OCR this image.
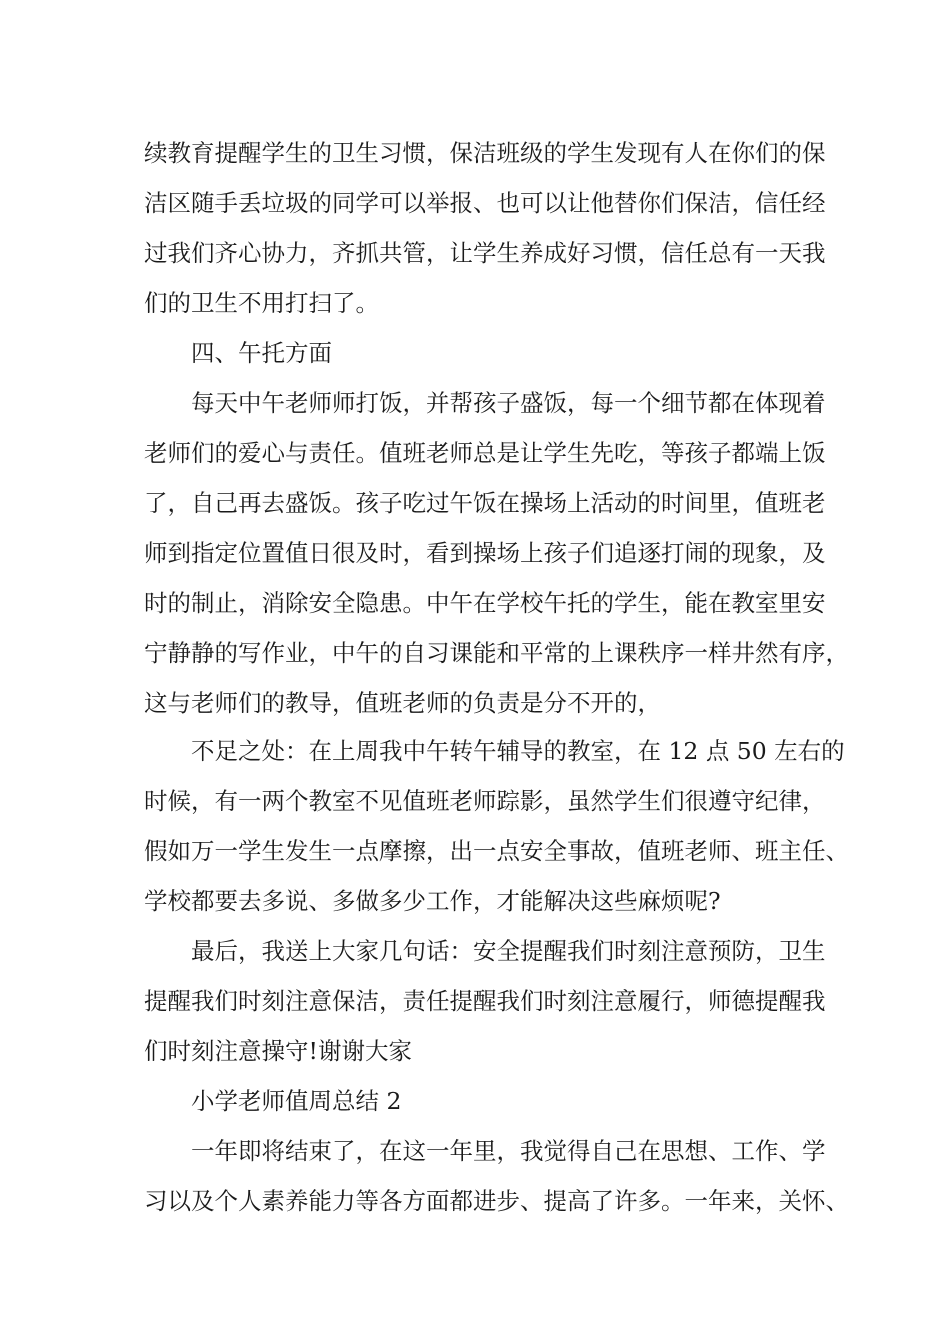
续教育提醒学生的卫生习惯，保洁班级的学生发现有人在你们的保
洁区随手丢垃圾的同学可以举报、也可以让他替你们保洁，信任经
过我们齐心协力，齐抓共管，让学生养成好习惯，信任总有一天我
们的卫生不用打扫了。
四、午托方面
每天中午老师师打饭，并帮孩子盛饭，每一个细节都在体现着
老师们的爱心与责任。值班老师总是让学生先吃，等孩子都端上饭
了，自己再去盛饭。孩子吃过午饭在操场上活动的时间里，值班老
师到指定位置值日很及时，看到操场上孩子们追逐打闹的现象，及
时的制止，消除安全隐患。中午在学校午托的学生，能在教室里安
宁静静的写作业，中午的自习课能和平常的上课秩序一样井然有序，
这与老师们的教导，值班老师的负责是分不开的，
不足之处：在上周我中午转午辅导的教室，在 12 点 50 左右的
时候，有一两个教室不见值班老师踪影，虽然学生们很遵守纪律，
假如万一学生发生一点摩擦，出一点安全事故，值班老师、班主任、
学校都要去多说、多做多少工作，才能解决这些麻烦呢?
最后，我送上大家几句话：安全提醒我们时刻注意预防，卫生
提醒我们时刻注意保洁，责任提醒我们时刻注意履行，师德提醒我
们时刻注意操守!谢谢大家
小学老师值周总结 2
一年即将结束了，在这一年里，我觉得自己在思想、工作、学
习以及个人素养能力等各方面都进步、提高了许多。一年来，关怀、
